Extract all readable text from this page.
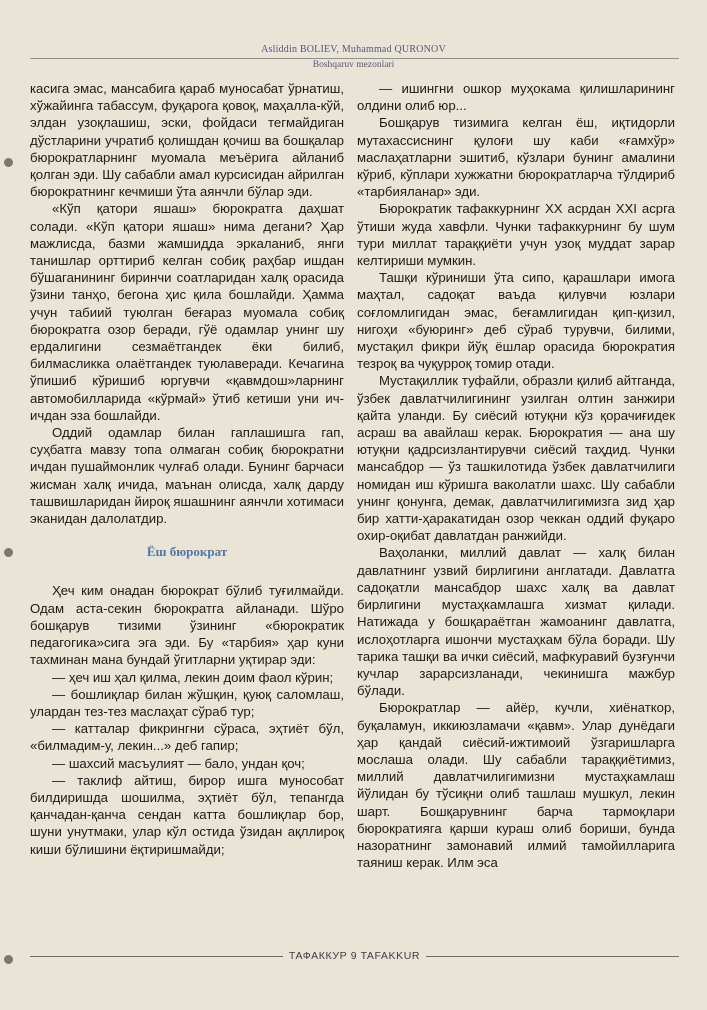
Asliddin BOLIEV, Muhammad QURONOV
Boshqaruv mezonlari

касига эмас, мансабига қараб муносабат ўрнатиш, хўжайинга табассум, фуқарога қовоқ, маҳалла-кўй, элдан узоқлашиш, эски, фойдаси тегмайдиган дўстларини учратиб қолишдан қочиш ва бошқалар бюрократларнинг муомала меъёрига айланиб қолган эди. Шу сабабли амал курсисидан айрилган бюрократнинг кечмиши ўта аянчли бўлар эди.

«Кўп қатори яшаш» бюрократга даҳшат солади. «Кўп қатори яшаш» нима дегани? Ҳар мажлисда, базми жамшидда эркаланиб, янги танишлар орттириб келган собиқ раҳбар ишдан бўшаганининг биринчи соатларидан халқ орасида ўзини танҳо, бегона ҳис қила бошлайди. Ҳамма учун табиий туюлган беғараз муомала собиқ бюрократга озор беради, гўё одамлар унинг шу ердалигини сезмаётгандек ёки билиб, билмасликка олаётгандек туюлаверади. Кечагина ўпишиб кўришиб юргувчи «қавмдош»ларнинг автомобилларида «кўрмай» ўтиб кетиши уни ич-ичдан эза бошлайди.

Оддий одамлар билан гаплашишга гап, суҳбатга мавзу топа олмаган собиқ бюрократни ичдан пушаймонлик чулғаб олади. Бунинг барчаси жисман халқ ичида, маънан олисда, халқ дарду ташвишларидан йироқ яшашнинг аянчли хотимаси эканидан далолатдир.

Ёш бюрократ

Ҳеч ким онадан бюрократ бўлиб туғилмайди. Одам аста-секин бюрократга айланади. Шўро бошқарув тизими ўзининг «бюрократик педагогика»сига эга эди. Бу «тарбия» ҳар куни тахминан мана бундай ўгитларни уқтирар эди:

— ҳеч иш ҳал қилма, лекин доим фаол кўрин;

— бошлиқлар билан жўшқин, қуюқ саломлаш, улардан тез-тез маслаҳат сўраб тур;

— катталар фикрингни сўраса, эҳтиёт бўл, «билмадим-у, лекин...» деб гапир;

— шахсий масъулият — бало, ундан қоч;

— таклиф айтиш, бирор ишга мунособат билдиришда шошилма, эҳтиёт бўл, тепангда қанчадан-қанча сендан катта бошлиқлар бор, шуни унутмаки, улар кўл остида ўзидан ақллироқ киши бўлишини ёқтиришмайди;

— ишингни ошкор муҳокама қилишларининг олдини олиб юр...

Бошқарув тизимига келган ёш, иқтидорли мутахассиснинг қулоғи шу каби «ғамхўр» маслаҳатларни эшитиб, кўзлари бунинг амалини кўриб, кўплари хужжатни бюрократларча тўлдириб «тарбияланар» эди.

Бюрократик тафаккурнинг XX асрдан XXI асрга ўтиши жуда хавфли. Чунки тафаккурнинг бу шум тури миллат тараққиёти учун узоқ муддат зарар келтириши мумкин.

Ташқи кўриниши ўта сипо, қарашлари имога маҳтал, садоқат ваъда қилувчи юзлари соғломлигидан эмас, беғамлигидан қип-қизил, нигоҳи «буюринг» деб сўраб турувчи, билими, мустақил фикри йўқ ёшлар орасида бюрократия тезроқ ва чуқурроқ томир отади.

Мустақиллик туфайли, образли қилиб айтганда, ўзбек давлатчилигининг узилган олтин занжири қайта уланди. Бу сиёсий ютуқни кўз қорачиғидек асраш ва авайлаш керак. Бюрократия — ана шу ютуқни қадрсизлантирувчи сиёсий таҳдид. Чунки мансабдор — ўз ташкилотида ўзбек давлатчилиги номидан иш кўришга ваколатли шахс. Шу сабабли унинг қонунга, демак, давлатчилигимизга зид ҳар бир хатти-ҳаракатидан озор чеккан оддий фуқаро охир-оқибат давлатдан ранжийди.

Ваҳоланки, миллий давлат — халқ билан давлатнинг узвий бирлигини англатади. Давлатга садоқатли мансабдор шахс халқ ва давлат бирлигини мустаҳкамлашга хизмат қилади. Натижада у бошқараётган жамоанинг давлатга, ислоҳотларга ишончи мустаҳкам бўла боради. Шу тарика ташқи ва ички сиёсий, мафкуравий бузғунчи кучлар зарарсизланади, чекинишга мажбур бўлади.

Бюрократлар — айёр, кучли, хиёнаткор, буқаламун, иккиюзламачи «қавм». Улар дунёдаги ҳар қандай сиёсий-ижтимоий ўзгаришларга мослаша олади. Шу сабабли тараққиётимиз, миллий давлатчилигимизни мустаҳкамлаш йўлидан бу тўсиқни олиб ташлаш мушкул, лекин шарт. Бошқарувнинг барча тармоқлари бюрократияга қарши кураш олиб бориши, бунда назоратнинг замонавий илмий тамойилларига таяниш керак. Илм эса

ТАФАККУР 9 TAFAKKUR
